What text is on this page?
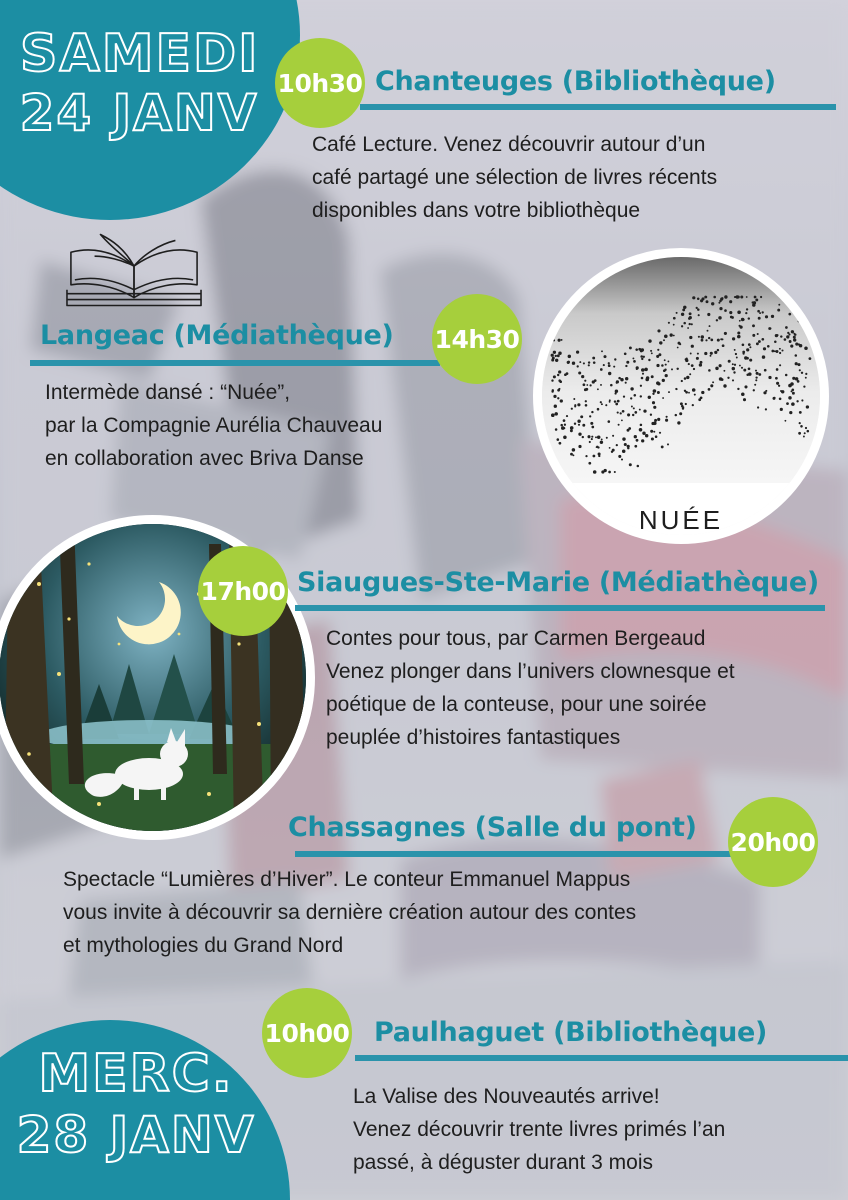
SAMEDI
24 JANV
10h30 Chanteuges (Bibliothèque)

Café Lecture. Venez découvrir autour d’un

café partagé une sélection de livres récents

disponibles dans votre bibliothèque

NUÉE
Langeac (Médiathèque) 14h30

Intermède dansé : “Nuée”,

par la Compagnie Aurélia Chauveau

en collaboration avec Briva Danse

17h00 Siaugues-Ste-Marie (Médiathèque)

Contes pour tous, par Carmen Bergeaud

Venez plonger dans l’univers clownesque et

poétique de la conteuse, pour une soirée

peuplée d’histoires fantastiques

Chassagnes (Salle du pont) 20h00

Spectacle “Lumières d’Hiver”. Le conteur Emmanuel Mappus

vous invite à découvrir sa dernière création autour des contes

et mythologies du Grand Nord

MERC.
28 JANV
10h00 Paulhaguet (Bibliothèque)

La Valise des Nouveautés arrive!

Venez découvrir trente livres primés l’an

passé, à déguster durant 3 mois
